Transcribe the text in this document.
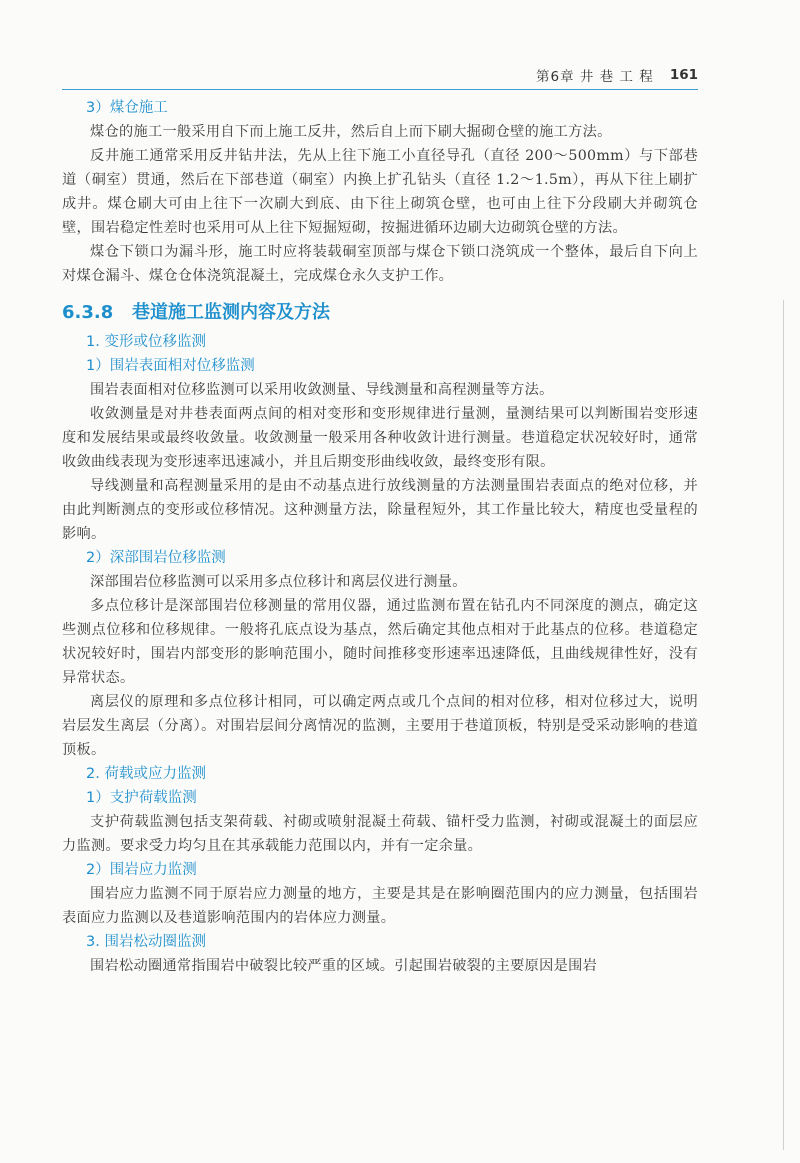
第6章 井 巷 工 程 161
3）煤仓施工

煤仓的施工一般采用自下而上施工反井，然后自上而下刷大掘砌仓壁的施工方法。

反井施工通常采用反井钻井法，先从上往下施工小直径导孔（直径 200～500mm）与下部巷道（硐室）贯通，然后在下部巷道（硐室）内换上扩孔钻头（直径 1.2～1.5m），再从下往上刷扩成井。煤仓刷大可由上往下一次刷大到底、由下往上砌筑仓壁，也可由上往下分段刷大并砌筑仓壁，围岩稳定性差时也采用可从上往下短掘短砌，按掘进循环边刷大边砌筑仓壁的方法。

煤仓下锁口为漏斗形，施工时应将装载硐室顶部与煤仓下锁口浇筑成一个整体，最后自下向上对煤仓漏斗、煤仓仓体浇筑混凝土，完成煤仓永久支护工作。

6.3.8 巷道施工监测内容及方法
1. 变形或位移监测
1）围岩表面相对位移监测

围岩表面相对位移监测可以采用收敛测量、导线测量和高程测量等方法。

收敛测量是对井巷表面两点间的相对变形和变形规律进行量测，量测结果可以判断围岩变形速度和发展结果或最终收敛量。收敛测量一般采用各种收敛计进行测量。巷道稳定状况较好时，通常收敛曲线表现为变形速率迅速减小，并且后期变形曲线收敛，最终变形有限。

导线测量和高程测量采用的是由不动基点进行放线测量的方法测量围岩表面点的绝对位移，并由此判断测点的变形或位移情况。这种测量方法，除量程短外，其工作量比较大，精度也受量程的影响。

2）深部围岩位移监测

深部围岩位移监测可以采用多点位移计和离层仪进行测量。

多点位移计是深部围岩位移测量的常用仪器，通过监测布置在钻孔内不同深度的测点，确定这些测点位移和位移规律。一般将孔底点设为基点，然后确定其他点相对于此基点的位移。巷道稳定状况较好时，围岩内部变形的影响范围小，随时间推移变形速率迅速降低，且曲线规律性好，没有异常状态。

离层仪的原理和多点位移计相同，可以确定两点或几个点间的相对位移，相对位移过大，说明岩层发生离层（分离）。对围岩层间分离情况的监测，主要用于巷道顶板，特别是受采动影响的巷道顶板。

2. 荷载或应力监测
1）支护荷载监测

支护荷载监测包括支架荷载、衬砌或喷射混凝土荷载、锚杆受力监测，衬砌或混凝土的面层应力监测。要求受力均匀且在其承载能力范围以内，并有一定余量。

2）围岩应力监测

围岩应力监测不同于原岩应力测量的地方，主要是其是在影响圈范围内的应力测量，包括围岩表面应力监测以及巷道影响范围内的岩体应力测量。

3. 围岩松动圈监测

围岩松动圈通常指围岩中破裂比较严重的区域。引起围岩破裂的主要原因是围岩
